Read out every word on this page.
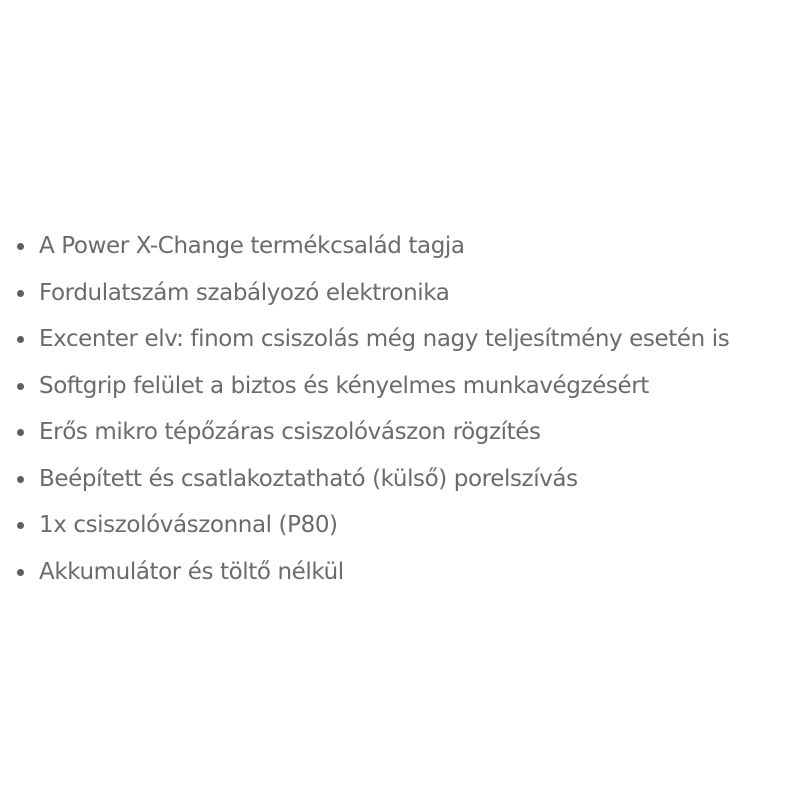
A Power X-Change termékcsalád tagja
Fordulatszám szabályozó elektronika
Excenter elv: finom csiszolás még nagy teljesítmény esetén is
Softgrip felület a biztos és kényelmes munkavégzésért
Erős mikro tépőzáras csiszolóvászon rögzítés
Beépített és csatlakoztatható (külső) porelszívás
1x csiszolóvászonnal (P80)
Akkumulátor és töltő nélkül
